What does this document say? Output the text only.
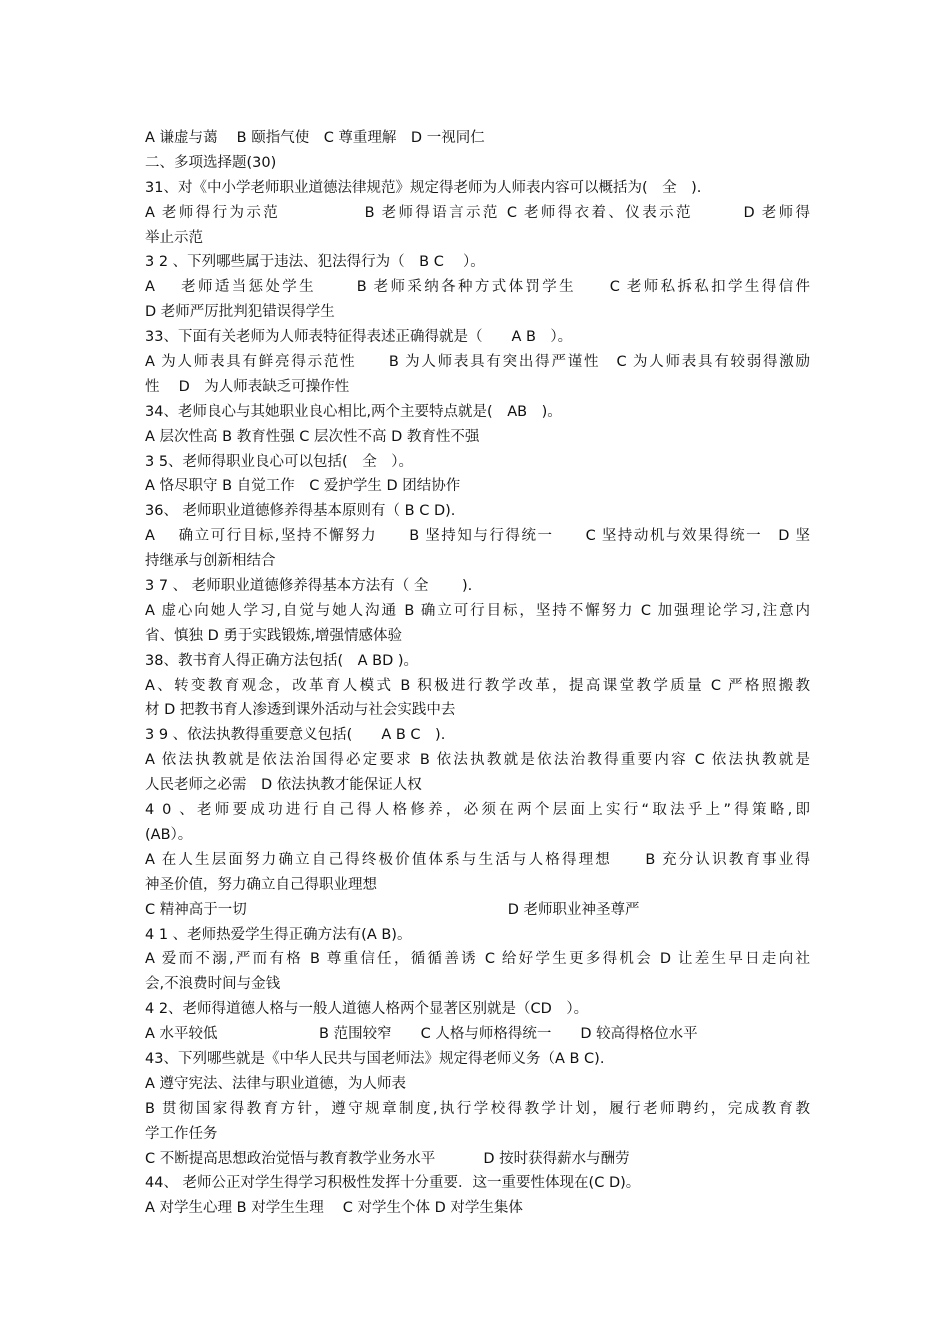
A 谦虚与蔼　 B 颐指气使　C 尊重理解　D 一视同仁
二、多项选择题(30)
31、对《中小学老师职业道德法律规范》规定得老师为人师表内容可以概括为(　全　).
A 老师得行为示范　　　　　B 老师得语言示范 C 老师得衣着、仪表示范　　　D 老师得
举止示范
3 2 、下列哪些属于违法、犯法得行为（　B C　 ）。
A　 老师适当惩处学生　　 B 老师采纳各种方式体罚学生　　C 老师私拆私扣学生得信件
D 老师严厉批判犯错误得学生
33、下面有关老师为人师表特征得表述正确得就是（　　A B　）。
A 为人师表具有鲜亮得示范性　　B 为人师表具有突出得严谨性　C 为人师表具有较弱得激励
性　 D　为人师表缺乏可操作性
34、老师良心与其她职业良心相比,两个主要特点就是(　AB　)。
A 层次性高 B 教育性强 C 层次性不高 D 教育性不强
3 5、老师得职业良心可以包括(　全　）。
A 恪尽职守 B 自觉工作　C 爱护学生 D 团结协作
36、 老师职业道德修养得基本原则有（ B C D).
A　 确立可行目标,坚持不懈努力　　B 坚持知与行得统一　　C 坚持动机与效果得统一　D 坚
持继承与创新相结合
3 7 、 老师职业道德修养得基本方法有（ 全　　 ).
A 虚心向她人学习,自觉与她人沟通 B 确立可行目标，坚持不懈努力 C 加强理论学习,注意内
省、慎独 D 勇于实践锻炼,增强情感体验
38、教书育人得正确方法包括(　A BD )。
A、转变教育观念，改革育人模式 B 积极进行教学改革，提高课堂教学质量 C 严格照搬教
材 D 把教书育人渗透到课外活动与社会实践中去
3 9 、依法执教得重要意义包括(　　A B C　).
A 依法执教就是依法治国得必定要求 B 依法执教就是依法治教得重要内容 C 依法执教就是
人民老师之必需　D 依法执教才能保证人权
4 0 、老师要成功进行自己得人格修养，必须在两个层面上实行“取法乎上”得策略,即
(AB）。
A 在人生层面努力确立自己得终极价值体系与生活与人格得理想　　B 充分认识教育事业得
神圣价值，努力确立自己得职业理想
C 精神高于一切　　　　　　　　　　　　　　　　　　D 老师职业神圣尊严
4 1 、老师热爱学生得正确方法有(A B)。
A 爱而不溺,严而有格 B 尊重信任，循循善诱 C 给好学生更多得机会 D 让差生早日走向社
会,不浪费时间与金钱
4 2、老师得道德人格与一般人道德人格两个显著区别就是（CD　）。
A 水平较低　　　　　　　B 范围较窄　　C 人格与师格得统一　　D 较高得格位水平
43、下列哪些就是《中华人民共与国老师法》规定得老师义务（A B C).
A 遵守宪法、法律与职业道德，为人师表
B 贯彻国家得教育方针，遵守规章制度,执行学校得教学计划，履行老师聘约，完成教育教
学工作任务
C 不断提高思想政治觉悟与教育教学业务水平　　　 D 按时获得薪水与酬劳
44、 老师公正对学生得学习积极性发挥十分重要．这一重要性体现在(C D)。
A 对学生心理 B 对学生生理　 C 对学生个体 D 对学生集体
